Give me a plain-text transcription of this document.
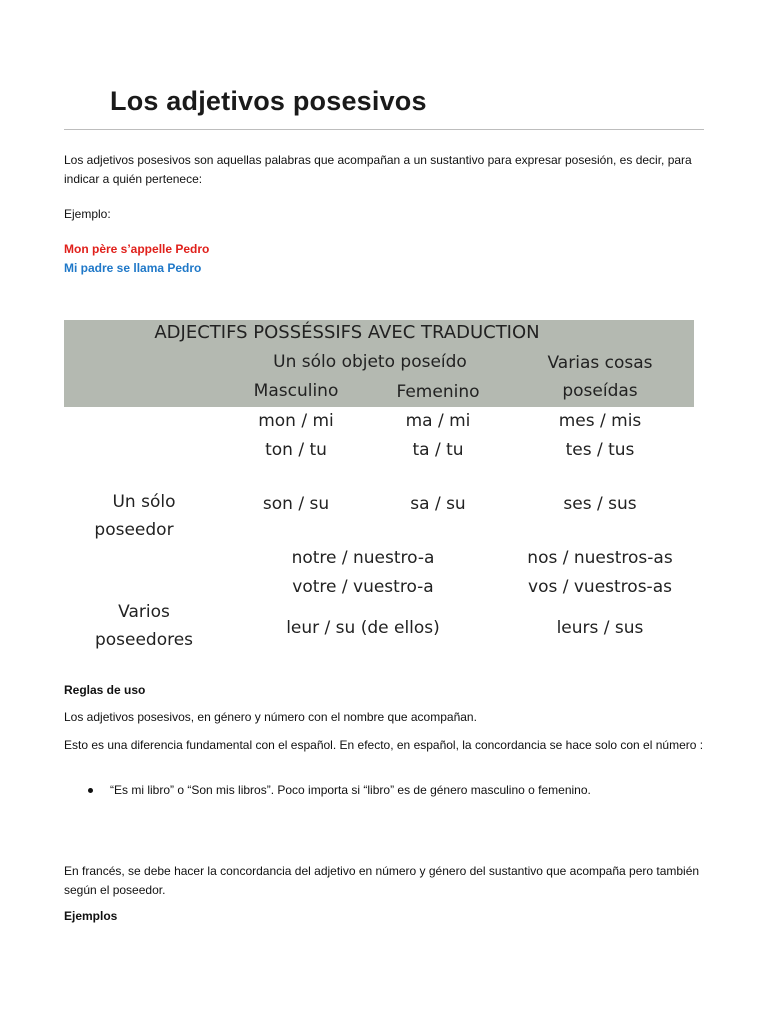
Los adjetivos posesivos
Los adjetivos posesivos son aquellas palabras que acompañan a un sustantivo para expresar posesión, es decir, para indicar a quién pertenece:
Ejemplo:
Mon père s’appelle Pedro
Mi padre se llama Pedro
ADJECTIFS POSSÉSSIFS AVEC TRADUCTION
Un sólo objeto poseído	Varias cosas
poseídas
Masculino	Femenino
mon / mi	ma / mi	mes / mis
ton / tu	ta / tu	tes / tus
Un sólo
poseedor
son / su	sa / su	ses / sus
notre / nuestro-a	nos / nuestros-as
votre / vuestro-a	vos / vuestros-as
Varios
poseedores
leur / su (de ellos)	leurs / sus
Reglas de uso
Los adjetivos posesivos, en género y número con el nombre que acompañan.
Esto es una diferencia fundamental con el español. En efecto, en español, la concordancia se hace solo con el número :
“Es mi libro” o “Son mis libros”. Poco importa si “libro” es de género masculino o femenino.
En francés, se debe hacer la concordancia del adjetivo en número y género del sustantivo que acompaña pero también según el poseedor.
Ejemplos
